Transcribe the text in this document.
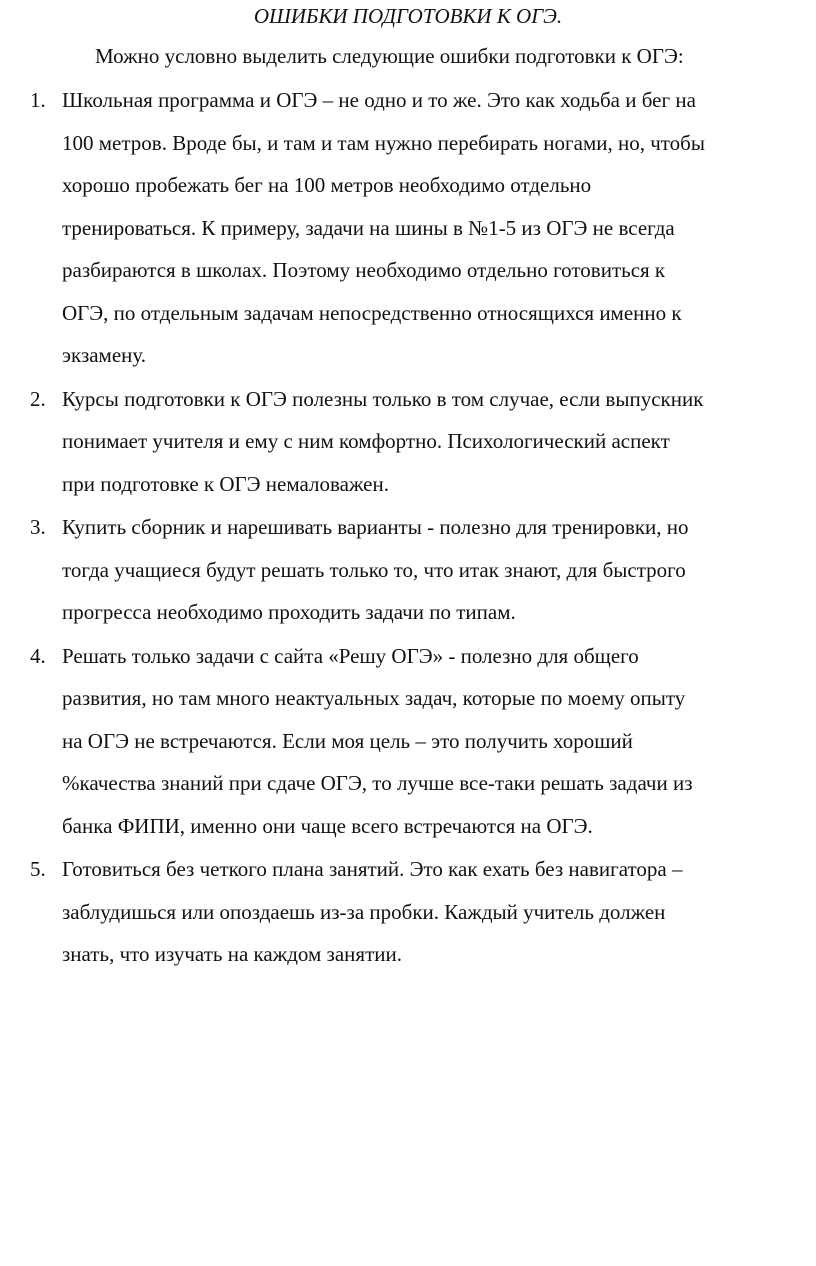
ОШИБКИ ПОДГОТОВКИ К ОГЭ.

Можно условно выделить следующие ошибки подготовки к ОГЭ:

1. Школьная программа и ОГЭ – не одно и то же. Это как ходьба и бег на
100 метров. Вроде бы, и там и там нужно перебирать ногами, но, чтобы
хорошо пробежать бег на 100 метров необходимо отдельно
тренироваться. К примеру, задачи на шины в №1-5 из ОГЭ не всегда
разбираются в школах. Поэтому необходимо отдельно готовиться к
ОГЭ, по отдельным задачам непосредственно относящихся именно к
экзамену.
2. Курсы подготовки к ОГЭ полезны только в том случае, если выпускник
понимает учителя и ему с ним комфортно. Психологический аспект
при подготовке к ОГЭ немаловажен.
3. Купить сборник и нарешивать варианты - полезно для тренировки, но
тогда учащиеся будут решать только то, что итак знают, для быстрого
прогресса необходимо проходить задачи по типам.
4. Решать только задачи с сайта «Решу ОГЭ» - полезно для общего
развития, но там много неактуальных задач, которые по моему опыту
на ОГЭ не встречаются. Если моя цель – это получить хороший
%качества знаний при сдаче ОГЭ, то лучше все-таки решать задачи из
банка ФИПИ, именно они чаще всего встречаются на ОГЭ.
5. Готовиться без четкого плана занятий. Это как ехать без навигатора –
заблудишься или опоздаешь из-за пробки. Каждый учитель должен
знать, что изучать на каждом занятии.
